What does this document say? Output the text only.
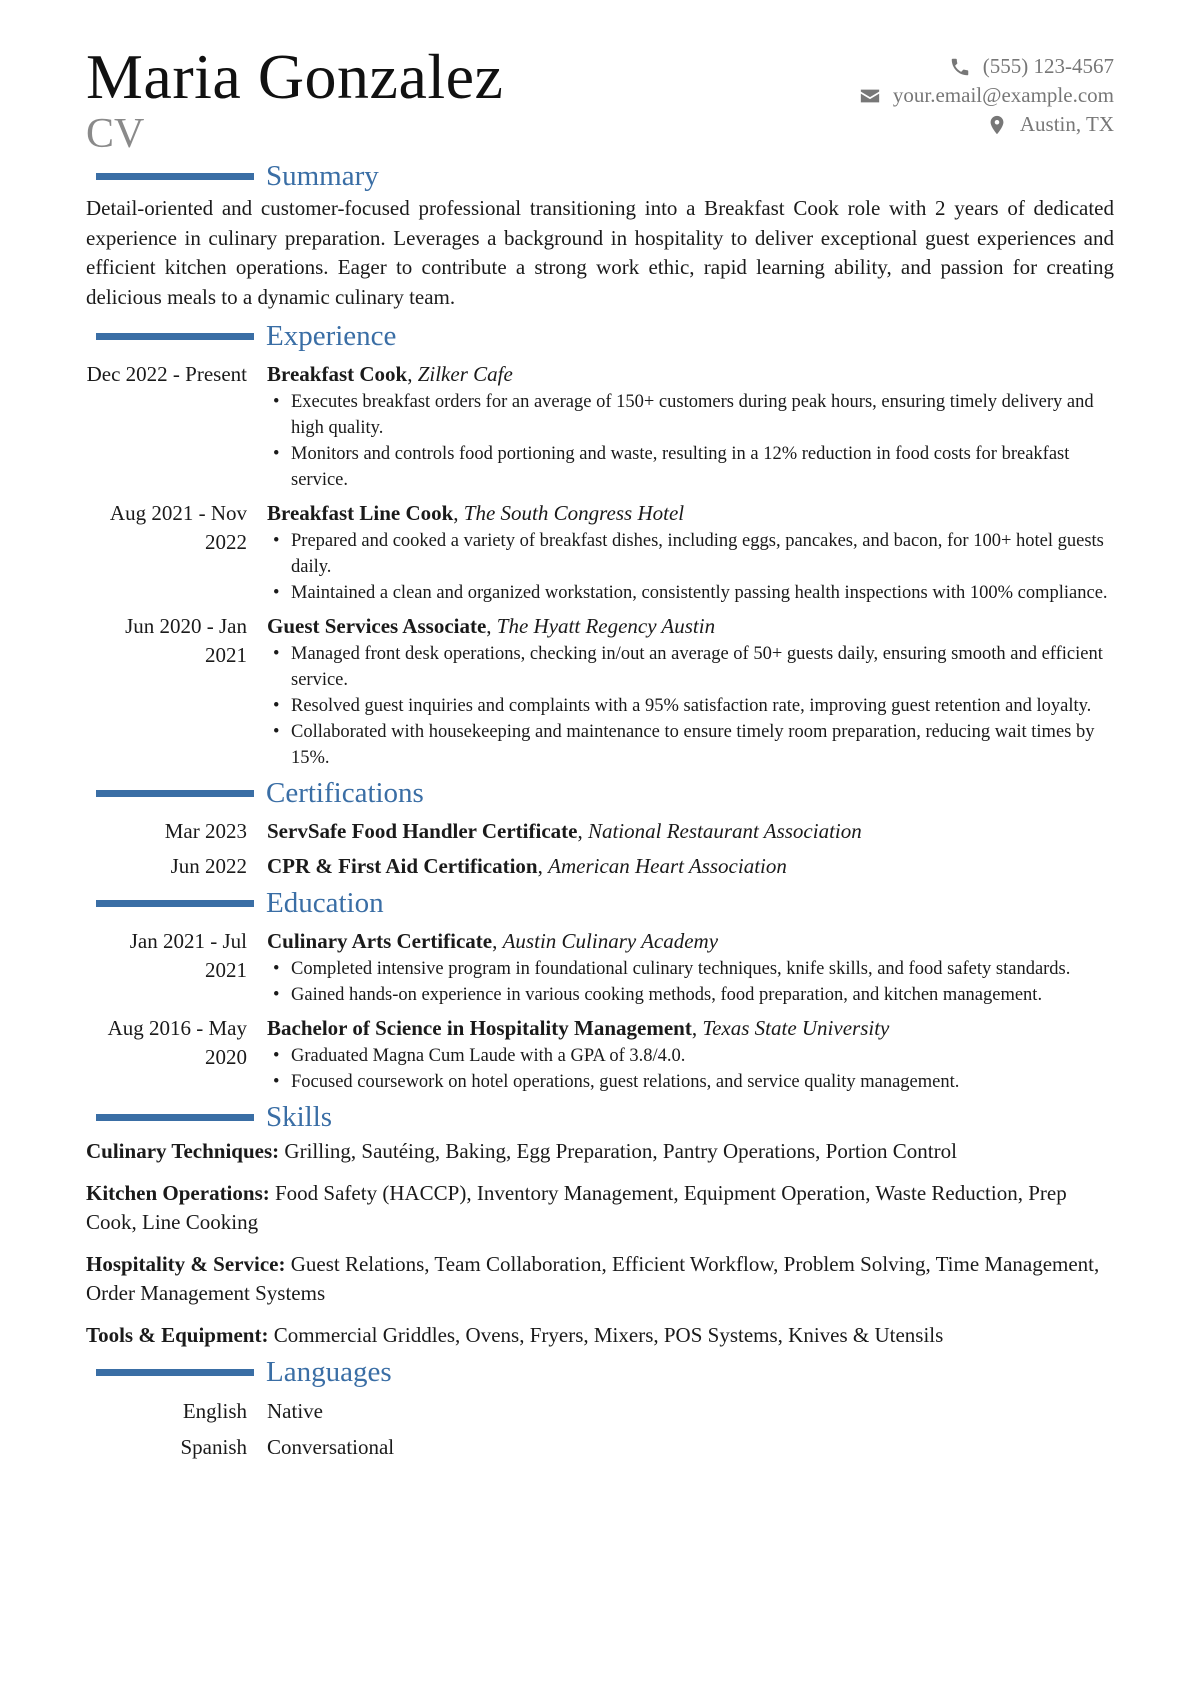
Maria Gonzalez
CV
(555) 123-4567
your.email@example.com
Austin, TX
Summary

Detail-oriented and customer-focused professional transitioning into a Breakfast Cook role with 2 years of dedicated experience in culinary preparation. Leverages a background in hospitality to deliver exceptional guest experiences and efficient kitchen operations. Eager to contribute a strong work ethic, rapid learning ability, and passion for creating delicious meals to a dynamic culinary team.

Experience
Dec 2022 - Present Breakfast Cook, Zilker Cafe
• Executes breakfast orders for an average of 150+ customers during peak hours, ensuring timely delivery and high quality.
• Monitors and controls food portioning and waste, resulting in a 12% reduction in food costs for breakfast service.
Aug 2021 - Nov 2022
Breakfast Line Cook, The South Congress Hotel
• Prepared and cooked a variety of breakfast dishes, including eggs, pancakes, and bacon, for 100+ hotel guests daily.
• Maintained a clean and organized workstation, consistently passing health inspections with 100% compliance.
Jun 2020 - Jan 2021
Guest Services Associate, The Hyatt Regency Austin
• Managed front desk operations, checking in/out an average of 50+ guests daily, ensuring smooth and efficient service.
• Resolved guest inquiries and complaints with a 95% satisfaction rate, improving guest retention and loyalty.
• Collaborated with housekeeping and maintenance to ensure timely room preparation, reducing wait times by 15%.
Certifications
Mar 2023 ServSafe Food Handler Certificate, National Restaurant Association
Jun 2022 CPR & First Aid Certification, American Heart Association
Education
Jan 2021 - Jul 2021
Culinary Arts Certificate, Austin Culinary Academy
• Completed intensive program in foundational culinary techniques, knife skills, and food safety standards.
• Gained hands-on experience in various cooking methods, food preparation, and kitchen management.
Aug 2016 - May 2020
Bachelor of Science in Hospitality Management, Texas State University
• Graduated Magna Cum Laude with a GPA of 3.8/4.0.
• Focused coursework on hotel operations, guest relations, and service quality management.
Skills
Culinary Techniques: Grilling, Sautéing, Baking, Egg Preparation, Pantry Operations, Portion Control
Kitchen Operations: Food Safety (HACCP), Inventory Management, Equipment Operation, Waste Reduction, Prep Cook, Line Cooking
Hospitality & Service: Guest Relations, Team Collaboration, Efficient Workflow, Problem Solving, Time Management, Order Management Systems
Tools & Equipment: Commercial Griddles, Ovens, Fryers, Mixers, POS Systems, Knives & Utensils
Languages
English Native
Spanish Conversational
